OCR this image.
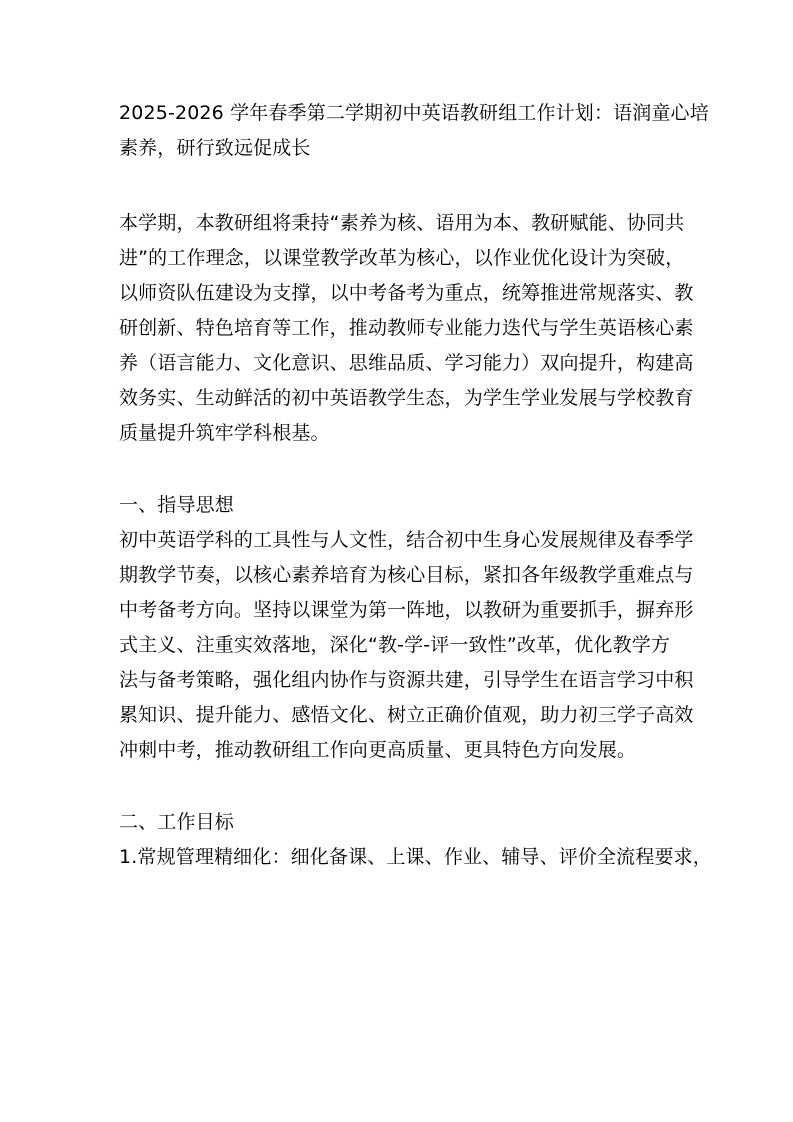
2025-2026 学年春季第二学期初中英语教研组工作计划：语润童心培
素养，研行致远促成长
本学期，本教研组将秉持“素养为核、语用为本、教研赋能、协同共
进”的工作理念，以课堂教学改革为核心，以作业优化设计为突破，
以师资队伍建设为支撑，以中考备考为重点，统筹推进常规落实、教
研创新、特色培育等工作，推动教师专业能力迭代与学生英语核心素
养（语言能力、文化意识、思维品质、学习能力）双向提升，构建高
效务实、生动鲜活的初中英语教学生态，为学生学业发展与学校教育
质量提升筑牢学科根基。
一、指导思想
初中英语学科的工具性与人文性，结合初中生身心发展规律及春季学
期教学节奏，以核心素养培育为核心目标，紧扣各年级教学重难点与
中考备考方向。坚持以课堂为第一阵地，以教研为重要抓手，摒弃形
式主义、注重实效落地，深化“教-学-评一致性”改革，优化教学方
法与备考策略，强化组内协作与资源共建，引导学生在语言学习中积
累知识、提升能力、感悟文化、树立正确价值观，助力初三学子高效
冲刺中考，推动教研组工作向更高质量、更具特色方向发展。
二、工作目标
1.常规管理精细化：细化备课、上课、作业、辅导、评价全流程要求，
